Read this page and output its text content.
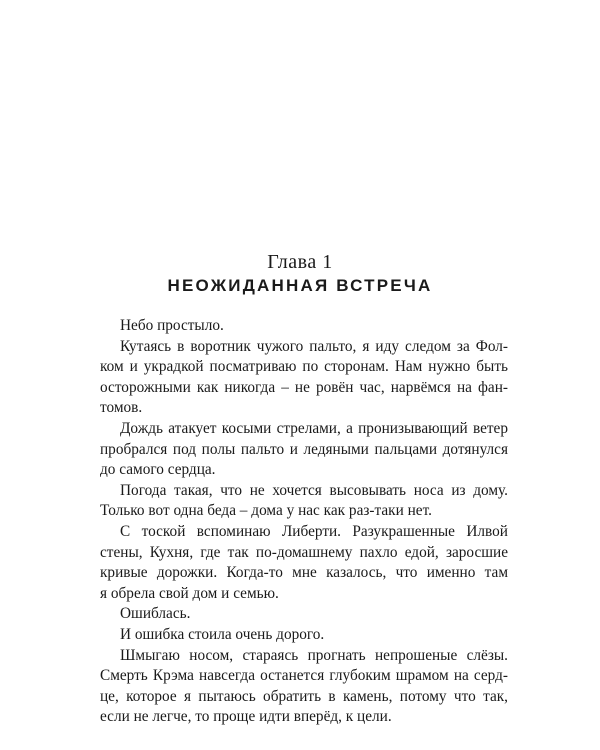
Глава 1
НЕОЖИДАННАЯ ВСТРЕЧА
Небо простыло.
Кутаясь в воротник чужого пальто, я иду следом за Фол-
ком и украдкой посматриваю по сторонам. Нам нужно быть
осторожными как никогда – не ровён час, нарвёмся на фан-
томов.
Дождь атакует косыми стрелами, а пронизывающий ветер
пробрался под полы пальто и ледяными пальцами дотянулся
до самого сердца.
Погода такая, что не хочется высовывать носа из дому.
Только вот одна беда – дома у нас как раз-таки нет.
С тоской вспоминаю Либерти. Разукрашенные Илвой
стены, Кухня, где так по-домашнему пахло едой, заросшие
кривые дорожки. Когда-то мне казалось, что именно там
я обрела свой дом и семью.
Ошиблась.
И ошибка стоила очень дорого.
Шмыгаю носом, стараясь прогнать непрошеные слёзы.
Смерть Крэма навсегда останется глубоким шрамом на серд-
це, которое я пытаюсь обратить в камень, потому что так,
если не легче, то проще идти вперёд, к цели.
